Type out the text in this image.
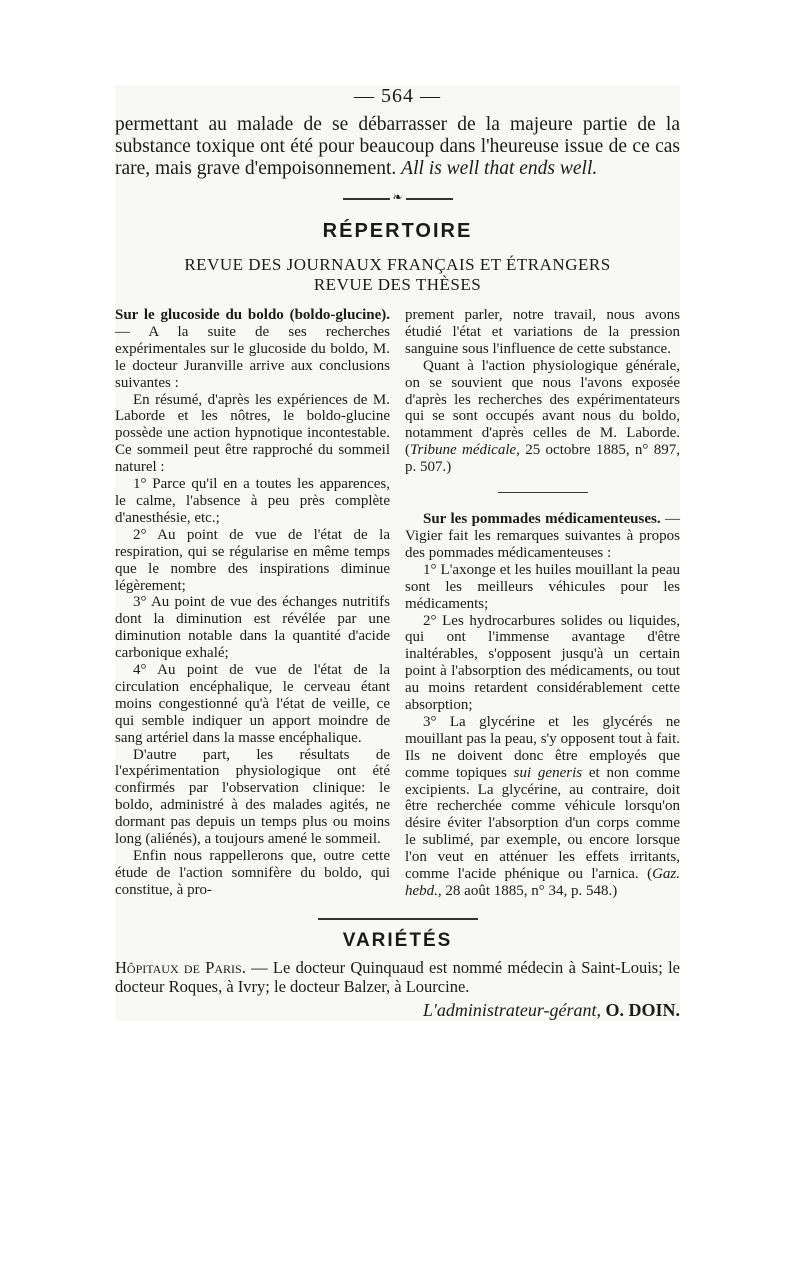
— 564 —
permettant au malade de se débarrasser de la majeure partie de la substance toxique ont été pour beaucoup dans l'heureuse issue de ce cas rare, mais grave d'empoisonnement. All is well that ends well.
❧
RÉPERTOIRE
REVUE DES JOURNAUX FRANÇAIS ET ÉTRANGERS
REVUE DES THÈSES

Sur le glucoside du boldo (boldo-glucine). — A la suite de ses recherches expérimentales sur le glucoside du boldo, M. le docteur Juranville arrive aux conclusions suivantes :

En résumé, d'après les expériences de M. Laborde et les nôtres, le boldo-glucine possède une action hypnotique incontestable. Ce sommeil peut être rapproché du sommeil naturel :

1° Parce qu'il en a toutes les apparences, le calme, l'absence à peu près complète d'anesthésie, etc.;

2° Au point de vue de l'état de la respiration, qui se régularise en même temps que le nombre des inspirations diminue légèrement;

3° Au point de vue des échanges nutritifs dont la diminution est révélée par une diminution notable dans la quantité d'acide carbonique exhalé;

4° Au point de vue de l'état de la circulation encéphalique, le cerveau étant moins congestionné qu'à l'état de veille, ce qui semble indiquer un apport moindre de sang artériel dans la masse encéphalique.

D'autre part, les résultats de l'expérimentation physiologique ont été confirmés par l'observation clinique: le boldo, administré à des malades agités, ne dormant pas depuis un temps plus ou moins long (aliénés), a toujours amené le sommeil.

Enfin nous rappellerons que, outre cette étude de l'action somnifère du boldo, qui constitue, à pro-

prement parler, notre travail, nous avons étudié l'état et variations de la pression sanguine sous l'influence de cette substance.

Quant à l'action physiologique générale, on se souvient que nous l'avons exposée d'après les recherches des expérimentateurs qui se sont occupés avant nous du boldo, notamment d'après celles de M. Laborde. (Tribune médicale, 25 octobre 1885, n° 897, p. 507.)

Sur les pommades médicamenteuses. — Vigier fait les remarques suivantes à propos des pommades médicamenteuses :

1° L'axonge et les huiles mouillant la peau sont les meilleurs véhicules pour les médicaments;

2° Les hydrocarbures solides ou liquides, qui ont l'immense avantage d'être inaltérables, s'opposent jusqu'à un certain point à l'absorption des médicaments, ou tout au moins retardent considérablement cette absorption;

3° La glycérine et les glycérés ne mouillant pas la peau, s'y opposent tout à fait. Ils ne doivent donc être employés que comme topiques sui generis et non comme excipients. La glycérine, au contraire, doit être recherchée comme véhicule lorsqu'on désire éviter l'absorption d'un corps comme le sublimé, par exemple, ou encore lorsque l'on veut en atténuer les effets irritants, comme l'acide phénique ou l'arnica. (Gaz. hebd., 28 août 1885, n° 34, p. 548.)

VARIÉTÉS
Hôpitaux de Paris. — Le docteur Quinquaud est nommé médecin à Saint-Louis; le docteur Roques, à Ivry; le docteur Balzer, à Lourcine.
L'administrateur-gérant, O. DOIN.
